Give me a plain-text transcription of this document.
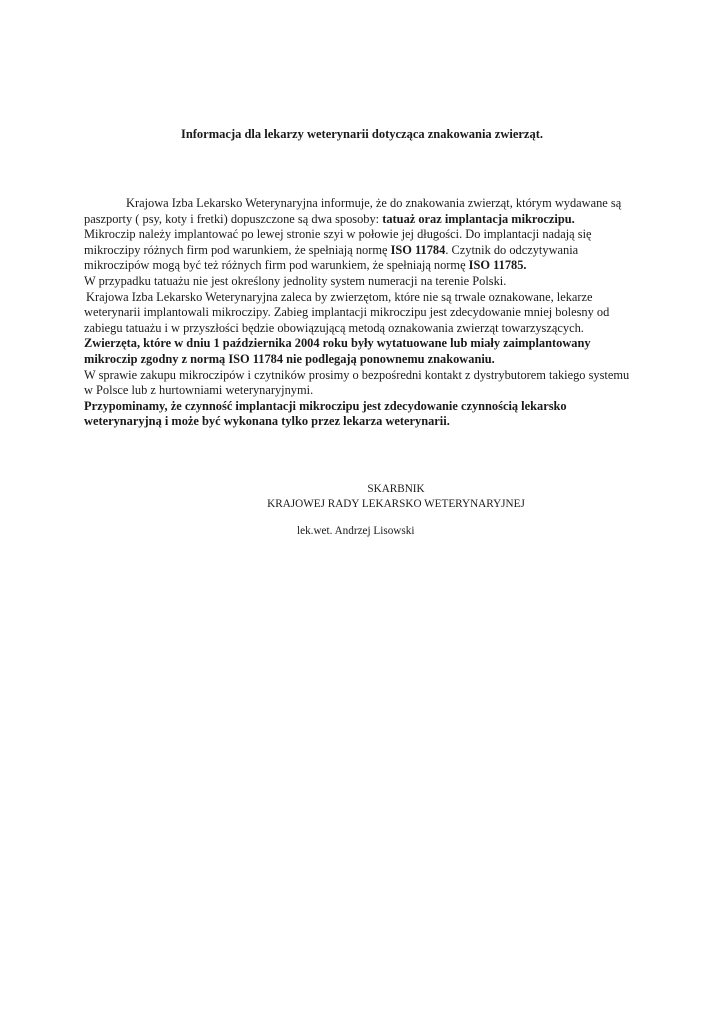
Informacja dla lekarzy weterynarii dotycząca znakowania zwierząt.

Krajowa Izba Lekarsko Weterynaryjna informuje, że do znakowania zwierząt, którym wydawane są paszporty ( psy, koty i fretki) dopuszczone są dwa sposoby: tatuaż oraz implantacja mikroczipu.

Mikroczip należy implantować po lewej stronie szyi w połowie jej długości. Do implantacji nadają się mikroczipy różnych firm pod warunkiem, że spełniają normę ISO 11784. Czytnik do odczytywania mikroczipów mogą być też różnych firm pod warunkiem, że spełniają normę ISO 11785.

W przypadku tatuażu nie jest określony jednolity system numeracji na terenie Polski.

Krajowa Izba Lekarsko Weterynaryjna zaleca by zwierzętom, które nie są trwale oznakowane, lekarze weterynarii implantowali mikroczipy. Zabieg implantacji mikroczipu jest zdecydowanie mniej bolesny od zabiegu tatuażu i w przyszłości będzie obowiązującą metodą oznakowania zwierząt towarzyszących.

Zwierzęta, które w dniu 1 października 2004 roku były wytatuowane lub miały zaimplantowany mikroczip zgodny z normą ISO 11784 nie podlegają ponownemu znakowaniu.

W sprawie zakupu mikroczipów i czytników prosimy o bezpośredni kontakt z dystrybutorem takiego systemu w Polsce lub z hurtowniami weterynaryjnymi.

Przypominamy, że czynność implantacji mikroczipu jest zdecydowanie czynnością lekarsko weterynaryjną i może być wykonana tylko przez lekarza weterynarii.

SKARBNIK
KRAJOWEJ RADY LEKARSKO WETERYNARYJNEJ
lek.wet. Andrzej Lisowski
